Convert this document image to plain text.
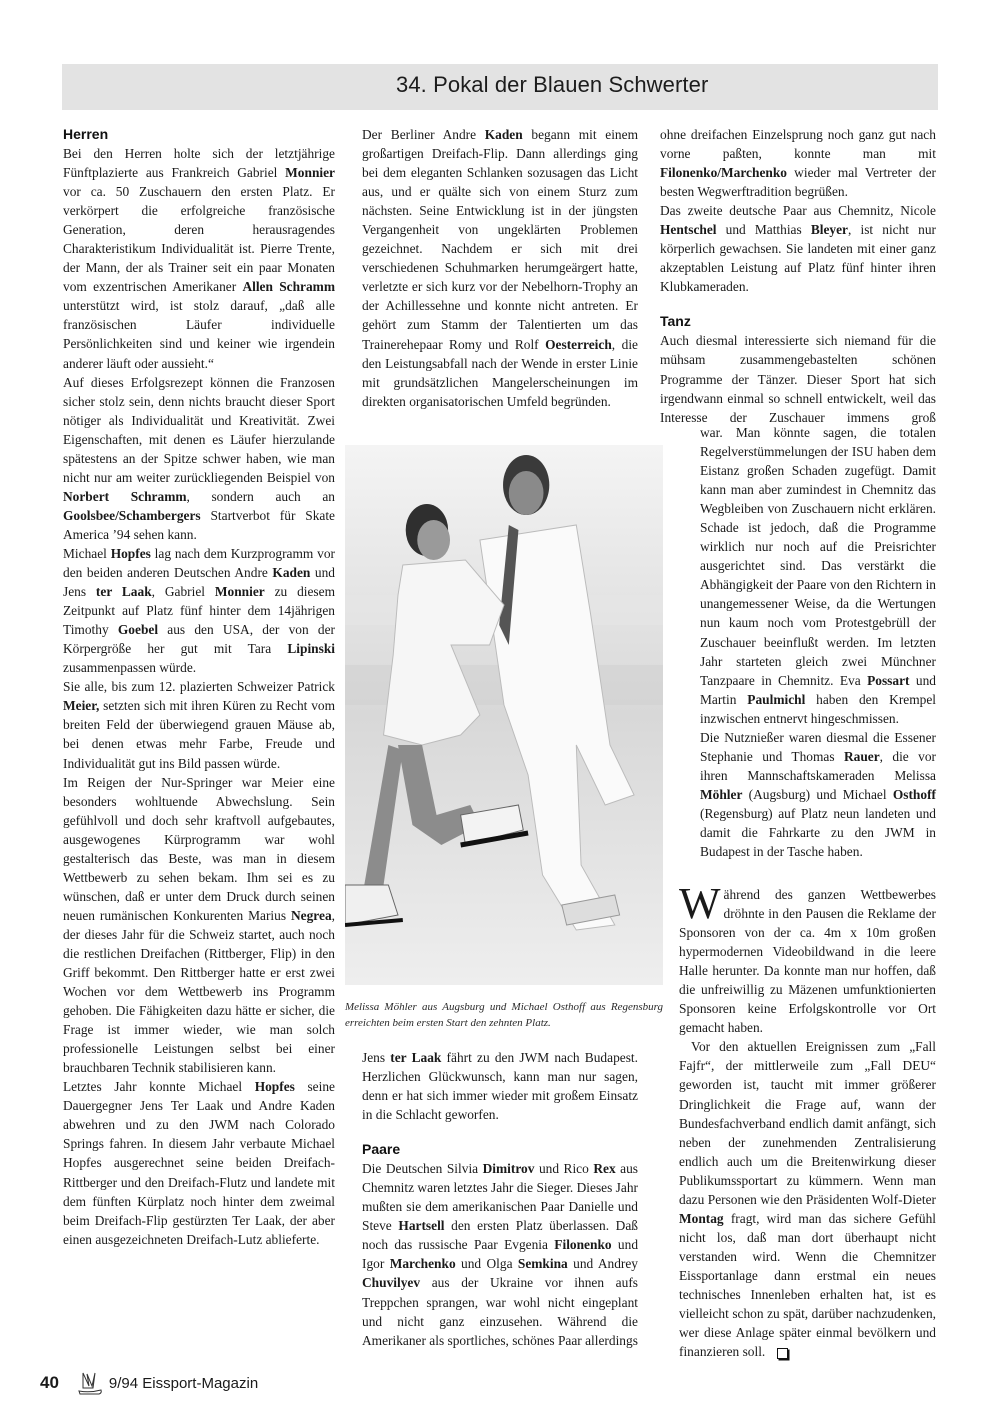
34. Pokal der Blauen Schwerter
Herren

Bei den Herren holte sich der letztjährige Fünftplazierte aus Frankreich Gabriel Monnier vor ca. 50 Zuschauern den ersten Platz. Er verkörpert die erfolgreiche französische Generation, deren herausragendes Charakteristikum Individualität ist. Pierre Trente, der Mann, der als Trainer seit ein paar Monaten vom exzentrischen Amerikaner Allen Schramm unterstützt wird, ist stolz darauf, „daß alle französischen Läufer individuelle Persönlichkeiten sind und keiner wie irgendein anderer läuft oder aussieht.“

Auf dieses Erfolgsrezept können die Franzosen sicher stolz sein, denn nichts braucht dieser Sport nötiger als Individualität und Kreativität. Zwei Eigenschaften, mit denen es Läufer hierzulande spätestens an der Spitze schwer haben, wie man nicht nur am weiter zurückliegenden Beispiel von Norbert Schramm, sondern auch an Goolsbee/Schambergers Startverbot für Skate America ’94 sehen kann.

Michael Hopfes lag nach dem Kurzprogramm vor den beiden anderen Deutschen Andre Kaden und Jens ter Laak, Gabriel Monnier zu diesem Zeitpunkt auf Platz fünf hinter dem 14jährigen Timothy Goebel aus den USA, der von der Körpergröße her gut mit Tara Lipinski zusammenpassen würde.

Sie alle, bis zum 12. plazierten Schweizer Patrick Meier, setzten sich mit ihren Küren zu Recht vom breiten Feld der überwiegend grauen Mäuse ab, bei denen etwas mehr Farbe, Freude und Individualität gut ins Bild passen würde.

Im Reigen der Nur-Springer war Meier eine besonders wohltuende Abwechslung. Sein gefühlvoll und doch sehr kraftvoll aufgebautes, ausgewogenes Kürprogramm war wohl gestalterisch das Beste, was man in diesem Wettbewerb zu sehen bekam. Ihm sei es zu wünschen, daß er unter dem Druck durch seinen neuen rumänischen Konkurenten Marius Negrea, der dieses Jahr für die Schweiz startet, auch noch die restlichen Dreifachen (Rittberger, Flip) in den Griff bekommt. Den Rittberger hatte er erst zwei Wochen vor dem Wettbewerb ins Programm gehoben. Die Fähigkeiten dazu hätte er sicher, die Frage ist immer wieder, wie man solch professionelle Leistungen selbst bei einer brauchbaren Technik stabilisieren kann.

Letztes Jahr konnte Michael Hopfes seine Dauergegner Jens Ter Laak und Andre Kaden abwehren und zu den JWM nach Colorado Springs fahren. In diesem Jahr verbaute Michael Hopfes ausgerechnet seine beiden Dreifach-Rittberger und den Dreifach-Flutz und landete mit dem fünften Kürplatz noch hinter dem zweimal beim Dreifach-Flip gestürzten Ter Laak, der aber einen ausgezeichneten Dreifach-Lutz ablieferte.

Der Berliner Andre Kaden begann mit einem großartigen Dreifach-Flip. Dann allerdings ging bei dem eleganten Schlanken sozusagen das Licht aus, und er quälte sich von einem Sturz zum nächsten. Seine Entwicklung ist in der jüngsten Vergangenheit von ungeklärten Problemen gezeichnet. Nachdem er sich mit drei verschiedenen Schuhmarken herumgeärgert hatte, verletzte er sich kurz vor der Nebelhorn-Trophy an der Achillessehne und konnte nicht antreten. Er gehört zum Stamm der Talentierten um das Trainerehepaar Romy und Rolf Oesterreich, die den Leistungsabfall nach der Wende in erster Linie mit grundsätzlichen Mangelerscheinungen im direkten organisatorischen Umfeld begründen.

Melissa Möhler aus Augsburg und Michael Osthoff aus Regensburg erreichten beim ersten Start den zehnten Platz.

Jens ter Laak fährt zu den JWM nach Budapest. Herzlichen Glückwunsch, kann man nur sagen, denn er hat sich immer wieder mit großem Einsatz in die Schlacht geworfen.

Paare

Die Deutschen Silvia Dimitrov und Rico Rex aus Chemnitz waren letztes Jahr die Sieger. Dieses Jahr mußten sie dem amerikanischen Paar Danielle und Steve Hartsell den ersten Platz überlassen. Daß noch das russische Paar Evgenia Filonenko und Igor Marchenko und Olga Semkina und Andrey Chuvilyev aus der Ukraine vor ihnen aufs Treppchen sprangen, war wohl nicht eingeplant und nicht ganz einzusehen. Während die Amerikaner als sportliches, schönes Paar allerdings

ohne dreifachen Einzelsprung noch ganz gut nach vorne paßten, konnte man mit Filonenko/Marchenko wieder mal Vertreter der besten Wegwerftradition begrüßen.

Das zweite deutsche Paar aus Chemnitz, Nicole Hentschel und Matthias Bleyer, ist nicht nur körperlich gewachsen. Sie landeten mit einer ganz akzeptablen Leistung auf Platz fünf hinter ihren Klubkameraden.

Tanz

Auch diesmal interessierte sich niemand für die mühsam zusammengebastelten schönen Programme der Tänzer. Dieser Sport hat sich irgendwann einmal so schnell entwickelt, weil das Interesse der Zuschauer immens groß

war. Man könnte sagen, die totalen Regelverstümmelungen der ISU haben dem Eistanz großen Schaden zugefügt. Damit kann man aber zumindest in Chemnitz das Wegbleiben von Zuschauern nicht erklären. Schade ist jedoch, daß die Programme wirklich nur noch auf die Preisrichter ausgerichtet sind. Das verstärkt die Abhängigkeit der Paare von den Richtern in unangemessener Weise, da die Wertungen nun kaum noch vom Protestgebrüll der Zuschauer beeinflußt werden. Im letzten Jahr starteten gleich zwei Münchner Tanzpaare in Chemnitz. Eva Possart und Martin Paulmichl haben den Krempel inzwischen entnervt hingeschmissen.

Die Nutznießer waren diesmal die Essener Stephanie und Thomas Rauer, die vor ihren Mannschaftskameraden Melissa Möhler (Augsburg) und Michael Osthoff (Regensburg) auf Platz neun landeten und damit die Fahrkarte zu den JWM in Budapest in der Tasche haben.

Während des ganzen Wettbewerbes dröhnte in den Pausen die Reklame der Sponsoren von der ca. 4m x 10m großen hypermodernen Videobildwand in die leere Halle herunter. Da konnte man nur hoffen, daß die unfreiwillig zu Mäzenen umfunktionierten Sponsoren keine Erfolgskontrolle vor Ort gemacht haben.

Vor den aktuellen Ereignissen zum „Fall Fajfr“, der mittlerweile zum „Fall DEU“ geworden ist, taucht mit immer größerer Dringlichkeit die Frage auf, wann der Bundesfachverband endlich damit anfängt, sich neben der zunehmenden Zentralisierung endlich auch um die Breitenwirkung dieser Publikumssportart zu kümmern. Wenn man dazu Personen wie den Präsidenten Wolf-Dieter Montag fragt, wird man das sichere Gefühl nicht los, daß man dort überhaupt nicht verstanden wird. Wenn die Chemnitzer Eissportanlage dann erstmal ein neues technisches Innenleben erhalten hat, ist es vielleicht schon zu spät, darüber nachzudenken, wer diese Anlage später einmal bevölkern und finanzieren soll.

40	9/94 Eissport-Magazin
